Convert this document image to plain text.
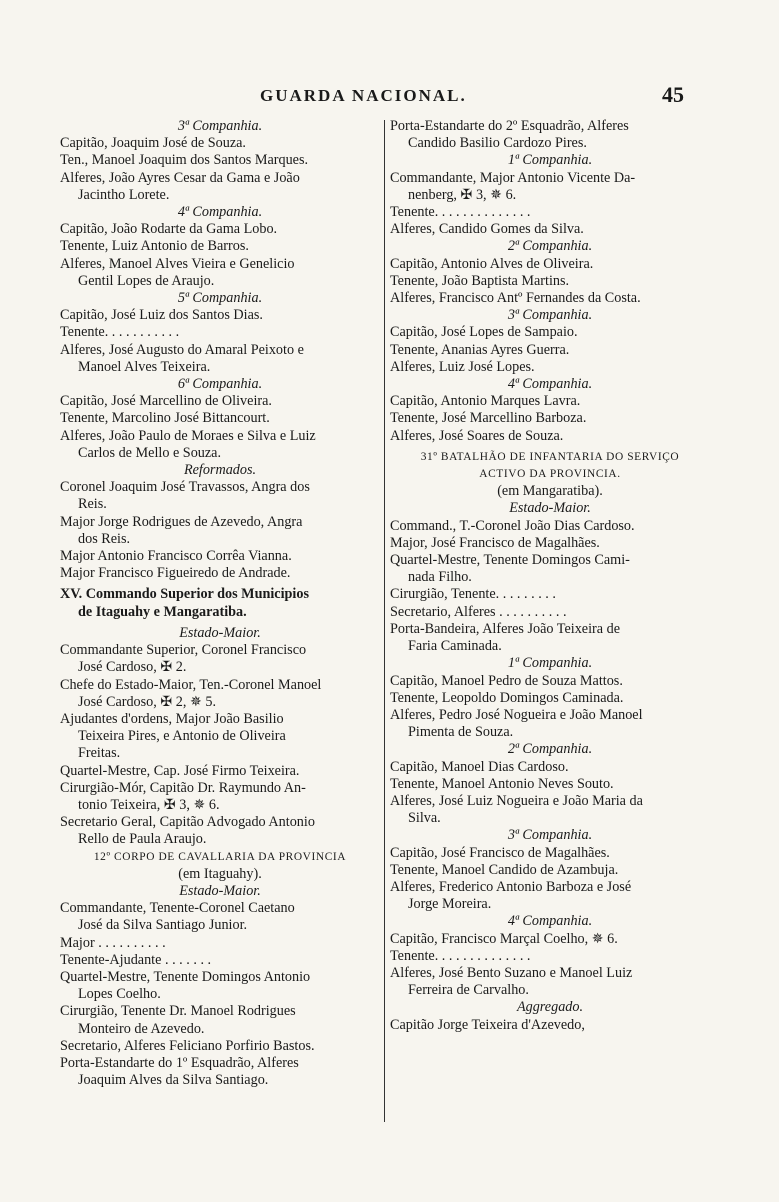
GUARDA NACIONAL.	45
3ª Companhia.
Capitão, Joaquim José de Souza.
Ten., Manoel Joaquim dos Santos Marques.
Alferes, João Ayres Cesar da Gama e João
Jacintho Lorete.
4ª Companhia.
Capitão, João Rodarte da Gama Lobo.
Tenente, Luiz Antonio de Barros.
Alferes, Manoel Alves Vieira e Genelicio
Gentil Lopes de Araujo.
5ª Companhia.
Capitão, José Luiz dos Santos Dias.
Tenente. . . . . . . . . . .
Alferes, José Augusto do Amaral Peixoto e
Manoel Alves Teixeira.
6ª Companhia.
Capitão, José Marcellino de Oliveira.
Tenente, Marcolino José Bittancourt.
Alferes, João Paulo de Moraes e Silva e Luiz
Carlos de Mello e Souza.
Reformados.
Coronel Joaquim José Travassos, Angra dos
Reis.
Major Jorge Rodrigues de Azevedo, Angra
dos Reis.
Major Antonio Francisco Corrêa Vianna.
Major Francisco Figueiredo de Andrade.
XV. Commando Superior dos Municipios
de Itaguahy e Mangaratiba.
Estado-Maior.
Commandante Superior, Coronel Francisco
José Cardoso, ✠ 2.
Chefe do Estado-Maior, Ten.-Coronel Manoel
José Cardoso, ✠ 2, ✵ 5.
Ajudantes d'ordens, Major João Basilio
Teixeira Pires, e Antonio de Oliveira
Freitas.
Quartel-Mestre, Cap. José Firmo Teixeira.
Cirurgião-Mór, Capitão Dr. Raymundo An-
tonio Teixeira, ✠ 3, ✵ 6.
Secretario Geral, Capitão Advogado Antonio
Rello de Paula Araujo.
12º CORPO DE CAVALLARIA DA PROVINCIA
(em Itaguahy).
Estado-Maior.
Commandante, Tenente-Coronel Caetano
José da Silva Santiago Junior.
Major . . . . . . . . . .
Tenente-Ajudante . . . . . . .
Quartel-Mestre, Tenente Domingos Antonio
Lopes Coelho.
Cirurgião, Tenente Dr. Manoel Rodrigues
Monteiro de Azevedo.
Secretario, Alferes Feliciano Porfirio Bastos.
Porta-Estandarte do 1º Esquadrão, Alferes
Joaquim Alves da Silva Santiago.
Porta-Estandarte do 2º Esquadrão, Alferes
Candido Basilio Cardozo Pires.
1ª Companhia.
Commandante, Major Antonio Vicente Da-
nenberg, ✠ 3, ✵ 6.
Tenente. . . . . . . . . . . . . .
Alferes, Candido Gomes da Silva.
2ª Companhia.
Capitão, Antonio Alves de Oliveira.
Tenente, João Baptista Martins.
Alferes, Francisco Antº Fernandes da Costa.
3ª Companhia.
Capitão, José Lopes de Sampaio.
Tenente, Ananias Ayres Guerra.
Alferes, Luiz José Lopes.
4ª Companhia.
Capitão, Antonio Marques Lavra.
Tenente, José Marcellino Barboza.
Alferes, José Soares de Souza.
31º BATALHÃO DE INFANTARIA DO SERVIÇO
ACTIVO DA PROVINCIA.
(em Mangaratiba).
Estado-Maior.
Command., T.-Coronel João Dias Cardoso.
Major, José Francisco de Magalhães.
Quartel-Mestre, Tenente Domingos Cami-
nada Filho.
Cirurgião, Tenente. . . . . . . . .
Secretario, Alferes . . . . . . . . . .
Porta-Bandeira, Alferes João Teixeira de
Faria Caminada.
1ª Companhia.
Capitão, Manoel Pedro de Souza Mattos.
Tenente, Leopoldo Domingos Caminada.
Alferes, Pedro José Nogueira e João Manoel
Pimenta de Souza.
2ª Companhia.
Capitão, Manoel Dias Cardoso.
Tenente, Manoel Antonio Neves Souto.
Alferes, José Luiz Nogueira e João Maria da
Silva.
3ª Companhia.
Capitão, José Francisco de Magalhães.
Tenente, Manoel Candido de Azambuja.
Alferes, Frederico Antonio Barboza e José
Jorge Moreira.
4ª Companhia.
Capitão, Francisco Marçal Coelho, ✵ 6.
Tenente. . . . . . . . . . . . . .
Alferes, José Bento Suzano e Manoel Luiz
Ferreira de Carvalho.
Aggregado.
Capitão Jorge Teixeira d'Azevedo,
